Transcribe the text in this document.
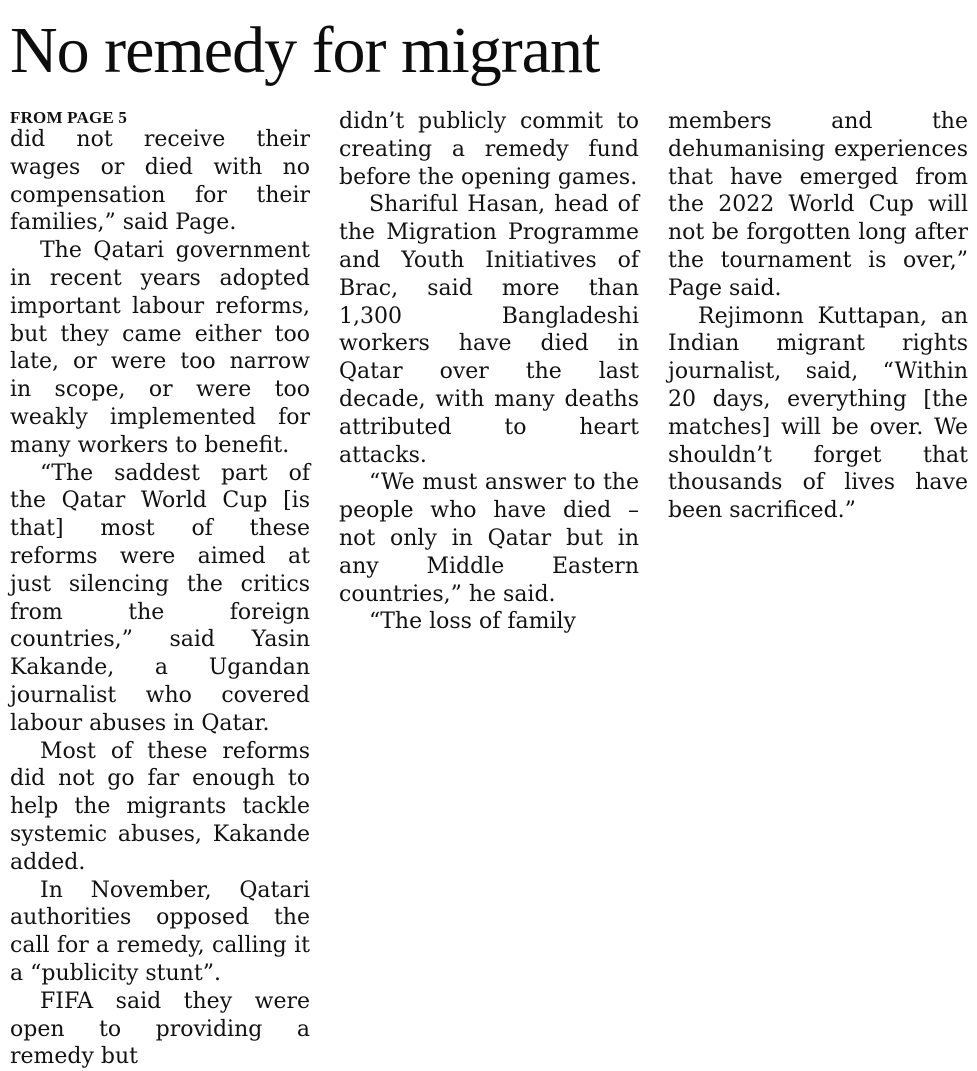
No remedy for migrant
FROM PAGE 5

did not receive their wages or died with no compensation for their families,” said Page.

The Qatari government in recent years adopted important labour reforms, but they came either too late, or were too narrow in scope, or were too weakly implemented for many workers to benefit.

“The saddest part of the Qatar World Cup [is that] most of these reforms were aimed at just silencing the critics from the foreign countries,” said Yasin Kakande, a Ugandan journalist who covered labour abuses in Qatar.

Most of these reforms did not go far enough to help the migrants tackle systemic abuses, Kakande added.

In November, Qatari authorities opposed the call for a remedy, calling it a “publicity stunt”.

FIFA said they were open to providing a remedy but

didn’t publicly commit to creating a remedy fund before the opening games.

Shariful Hasan, head of the Migration Programme and Youth Initiatives of Brac, said more than 1,300 Bangladeshi workers have died in Qatar over the last decade, with many deaths attributed to heart attacks.

“We must answer to the people who have died – not only in Qatar but in any Middle Eastern countries,” he said.

“The loss of family

members and the dehumanising experiences that have emerged from the 2022 World Cup will not be forgotten long after the tournament is over,” Page said.

Rejimonn Kuttapan, an Indian migrant rights journalist, said, “Within 20 days, everything [the matches] will be over. We shouldn’t forget that thousands of lives have been sacrificed.”
